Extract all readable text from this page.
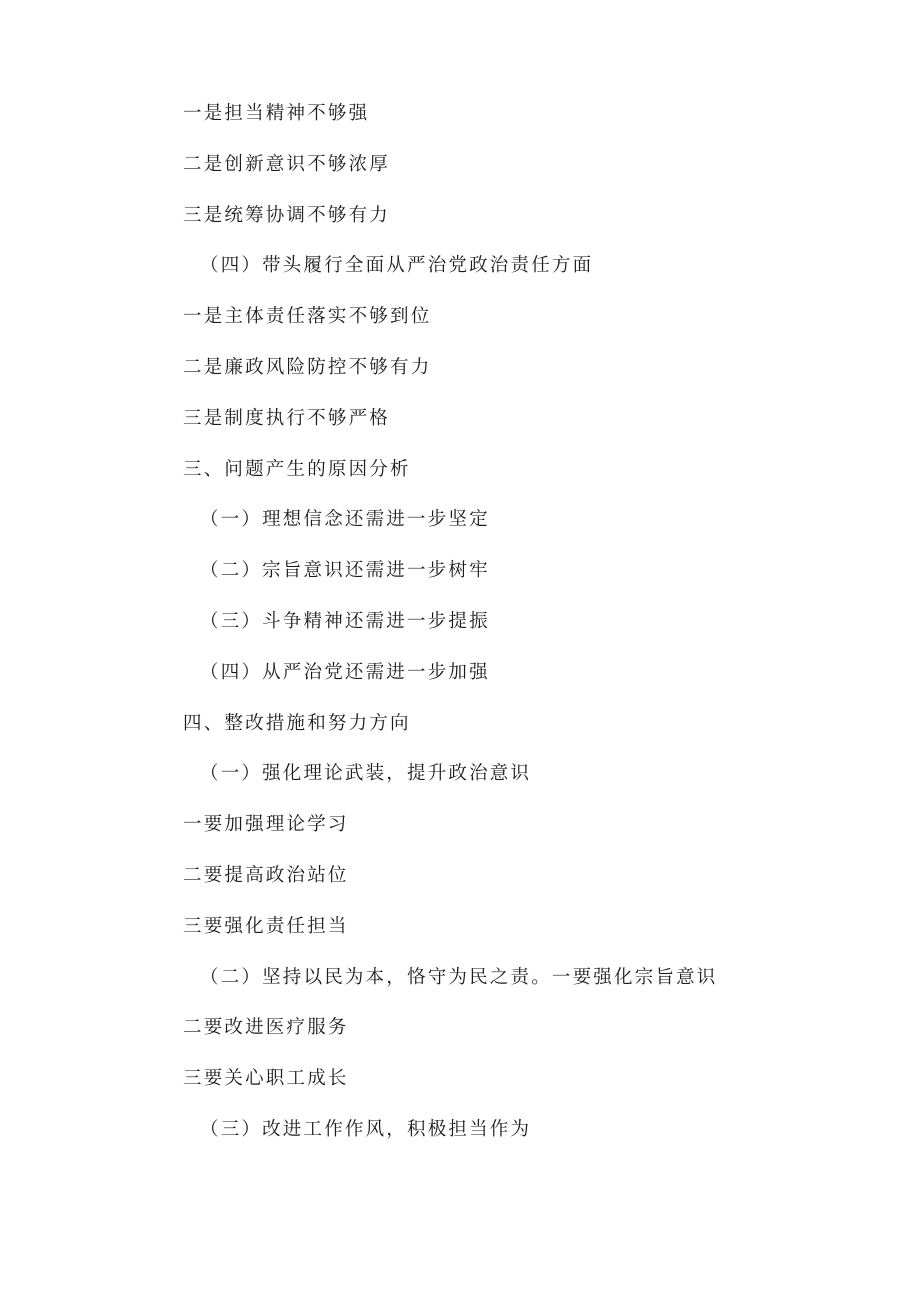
一是担当精神不够强
二是创新意识不够浓厚
三是统筹协调不够有力
（四）带头履行全面从严治党政治责任方面
一是主体责任落实不够到位
二是廉政风险防控不够有力
三是制度执行不够严格
三、问题产生的原因分析
（一）理想信念还需进一步坚定
（二）宗旨意识还需进一步树牢
（三）斗争精神还需进一步提振
（四）从严治党还需进一步加强
四、整改措施和努力方向
（一）强化理论武装，提升政治意识
一要加强理论学习
二要提高政治站位
三要强化责任担当
（二）坚持以民为本，恪守为民之责。一要强化宗旨意识
二要改进医疗服务
三要关心职工成长
（三）改进工作作风，积极担当作为
